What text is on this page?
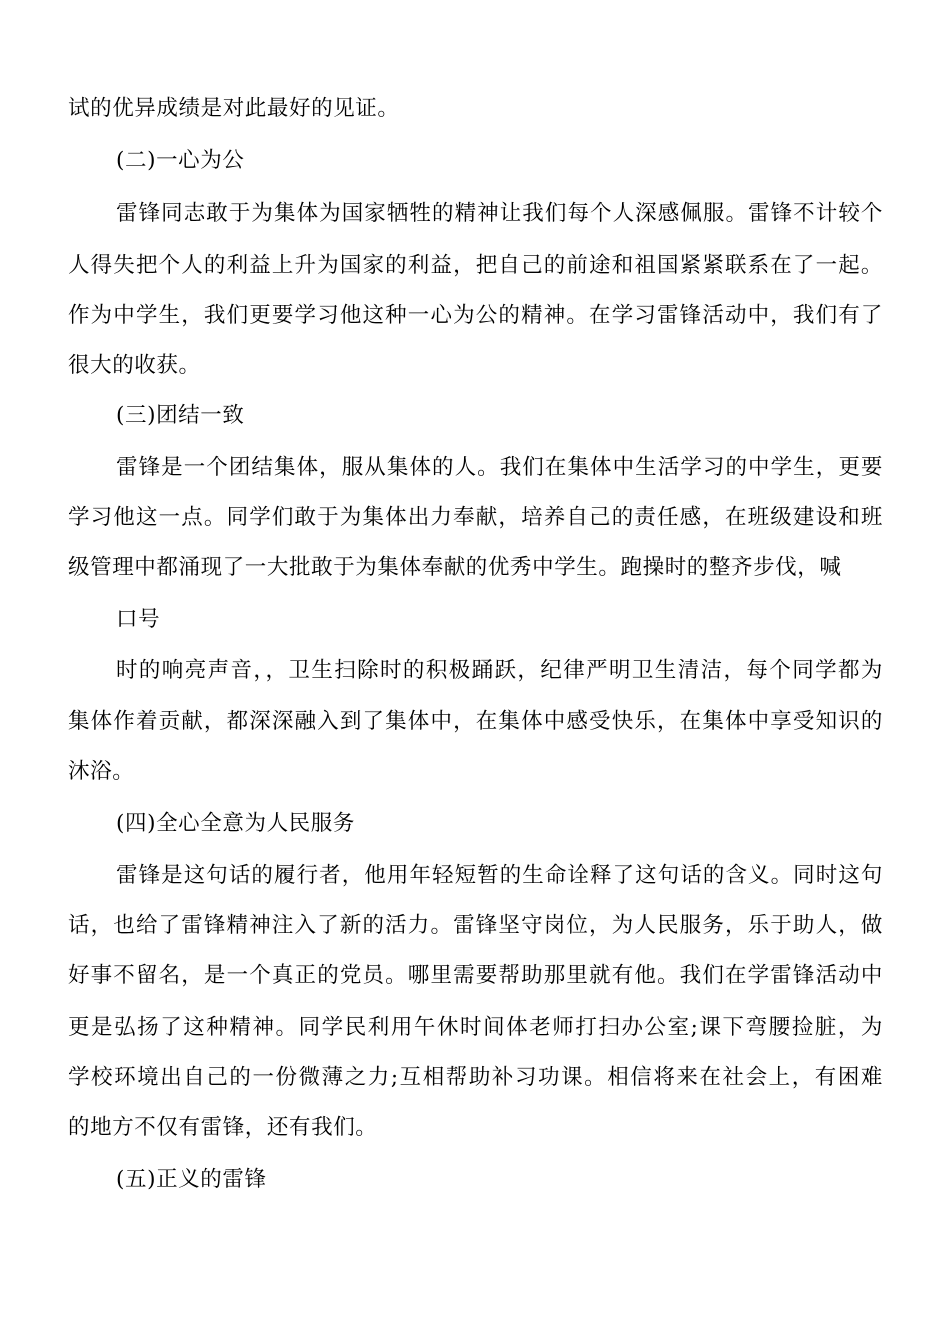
试的优异成绩是对此最好的见证。
(二)一心为公
雷锋同志敢于为集体为国家牺牲的精神让我们每个人深感佩服。雷锋不计较个
人得失把个人的利益上升为国家的利益，把自己的前途和祖国紧紧联系在了一起。
作为中学生，我们更要学习他这种一心为公的精神。在学习雷锋活动中，我们有了
很大的收获。
(三)团结一致
雷锋是一个团结集体，服从集体的人。我们在集体中生活学习的中学生，更要
学习他这一点。同学们敢于为集体出力奉献，培养自己的责任感，在班级建设和班
级管理中都涌现了一大批敢于为集体奉献的优秀中学生。跑操时的整齐步伐，喊
口号
时的响亮声音，，卫生扫除时的积极踊跃，纪律严明卫生清洁，每个同学都为
集体作着贡献，都深深融入到了集体中，在集体中感受快乐，在集体中享受知识的
沐浴。
(四)全心全意为人民服务
雷锋是这句话的履行者，他用年轻短暂的生命诠释了这句话的含义。同时这句
话，也给了雷锋精神注入了新的活力。雷锋坚守岗位，为人民服务，乐于助人，做
好事不留名，是一个真正的党员。哪里需要帮助那里就有他。我们在学雷锋活动中
更是弘扬了这种精神。同学民利用午休时间体老师打扫办公室;课下弯腰捡脏，为
学校环境出自己的一份微薄之力;互相帮助补习功课。相信将来在社会上，有困难
的地方不仅有雷锋，还有我们。
(五)正义的雷锋
